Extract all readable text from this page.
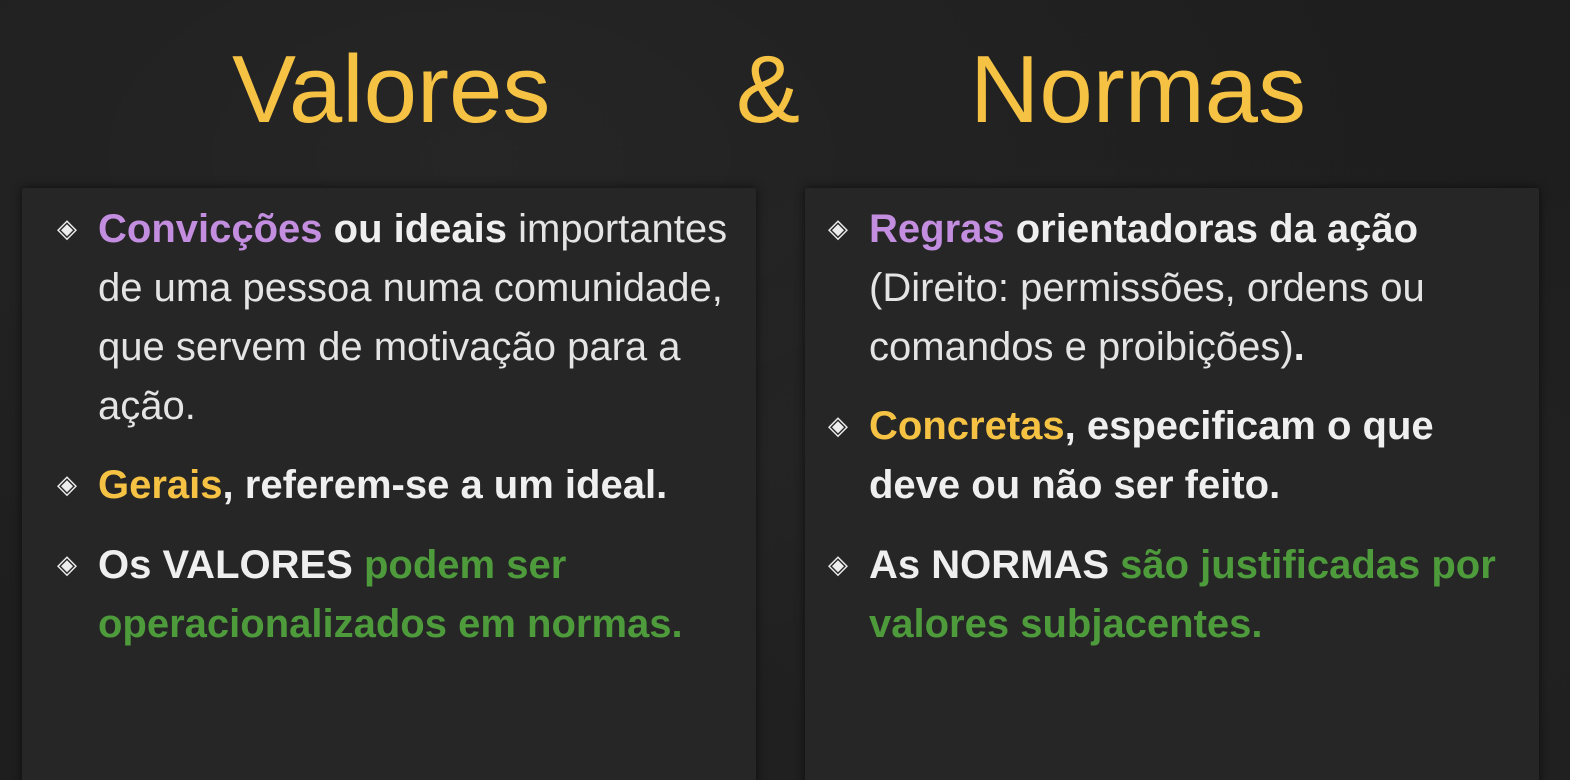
Valores & Normas
◈ Convicções ou ideais importantes de uma pessoa numa comunidade, que servem de motivação para a ação.
◈ Gerais, referem-se a um ideal.
◈ Os VALORES podem ser operacionalizados em normas.
◈ Regras orientadoras da ação (Direito: permissões, ordens ou comandos e proibições).
◈ Concretas, especificam o que deve ou não ser feito.
◈ As NORMAS são justificadas por valores subjacentes.
